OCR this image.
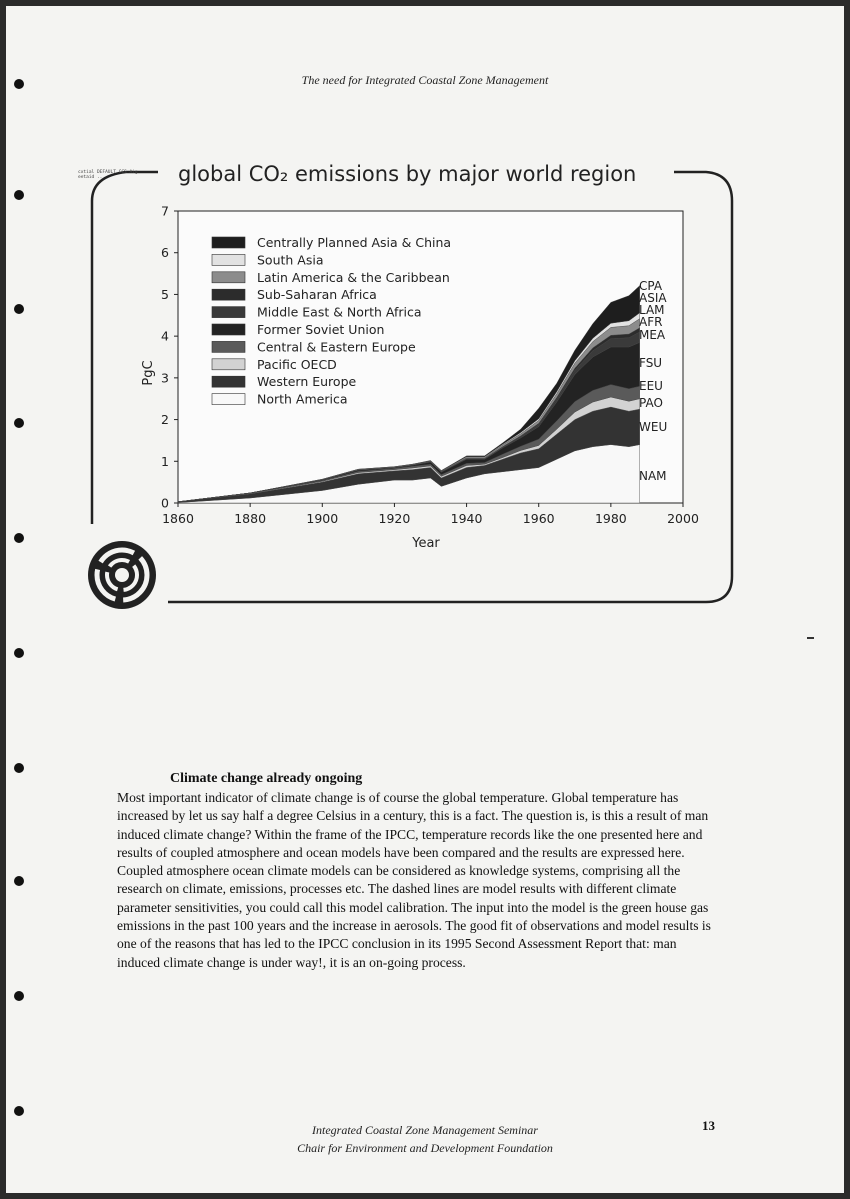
The need for Integrated Coastal Zone Management
cxtial DEFAULT.CCS Aig
eetaid ...	global CO₂ emissions by major world region
1860	1880	1900	1920	1940	1960	1980	2000
0
1
2
3
4
5
6
7
Centrally Planned Asia & China
South Asia
Latin America & the Caribbean
Sub-Saharan Africa
Middle East & North Africa
Former Soviet Union
Central & Eastern Europe
Pacific OECD
Western Europe
North America
NAM
WEU
PAO
EEU
FSU
MEA
AFR
LAM
ASIA
CPA
PgC
Year
Climate change already ongoing

Most important indicator of climate change is of course the global temperature. Global temperature has increased by let us say half a degree Celsius in a century, this is a fact. The question is, is this a result of man induced climate change? Within the frame of the IPCC, temperature records like the one presented here and results of coupled atmosphere and ocean models have been compared and the results are expressed here. Coupled atmosphere ocean climate models can be considered as knowledge systems, comprising all the research on climate, emissions, processes etc. The dashed lines are model results with different climate parameter sensitivities, you could call this model calibration. The input into the model is the green house gas emissions in the past 100 years and the increase in aerosols. The good fit of observations and model results is one of the reasons that has led to the IPCC conclusion in its 1995 Second Assessment Report that: man induced climate change is under way!, it is an on-going process.

13
Integrated Coastal Zone Management Seminar
Chair for Environment and Development Foundation
